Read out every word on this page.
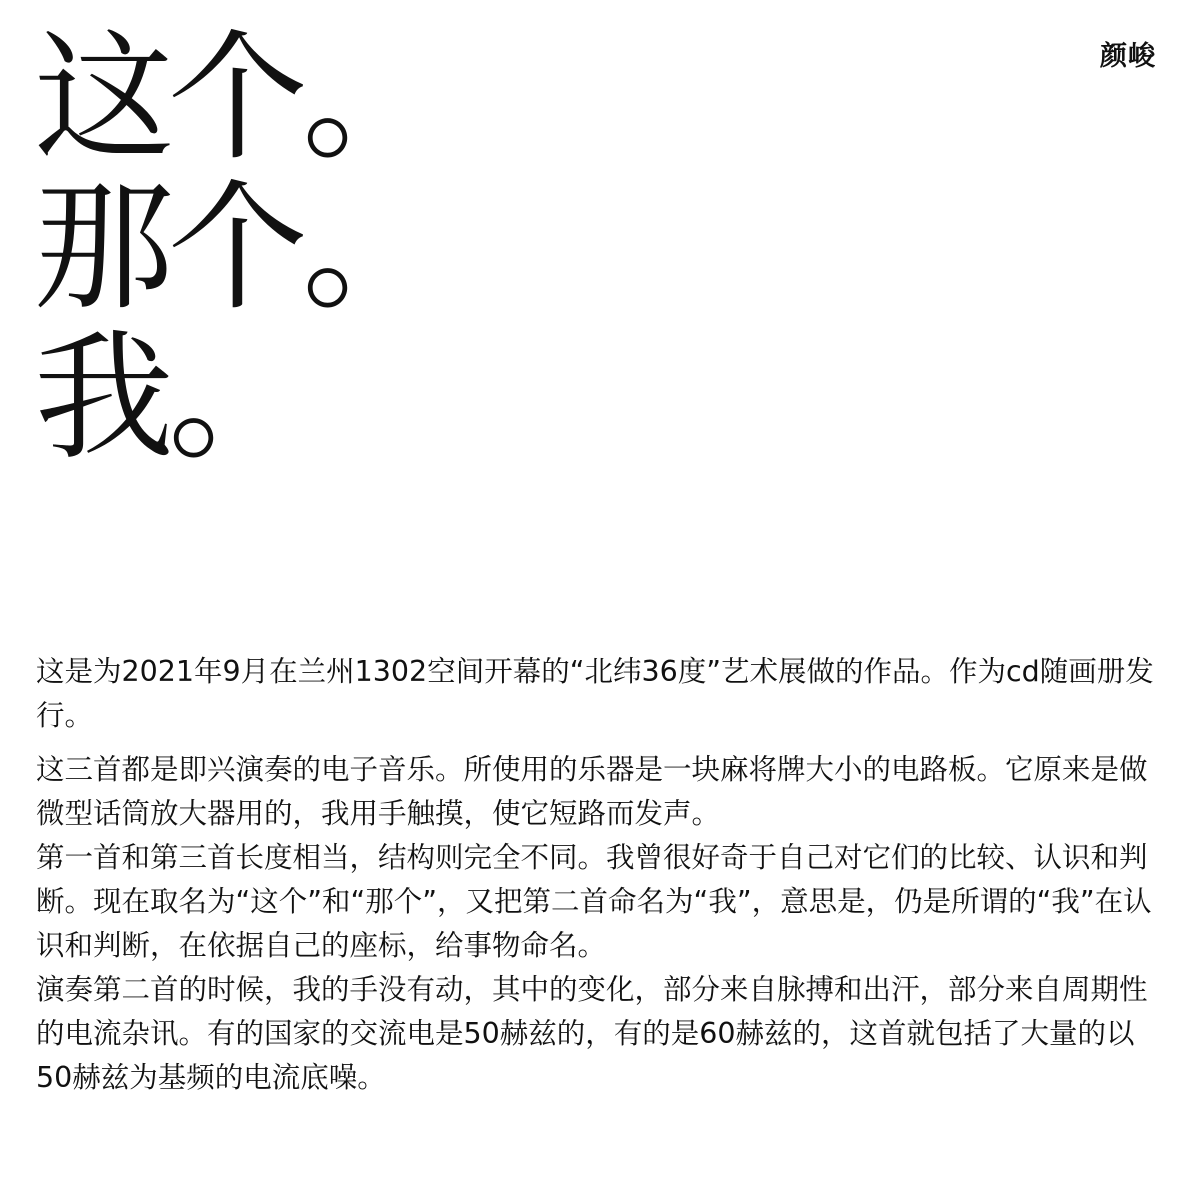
颜峻
这个。
那个。
我。

这是为2021年9月在兰州1302空间开幕的“北纬36度”艺术展做的作品。作为cd随画册发行。

这三首都是即兴演奏的电子音乐。所使用的乐器是一块麻将牌大小的电路板。它原来是做微型话筒放大器用的，我用手触摸，使它短路而发声。

第一首和第三首长度相当，结构则完全不同。我曾很好奇于自己对它们的比较、认识和判断。现在取名为“这个”和“那个”，又把第二首命名为“我”，意思是，仍是所谓的“我”在认识和判断，在依据自己的座标，给事物命名。

演奏第二首的时候，我的手没有动，其中的变化，部分来自脉搏和出汗，部分来自周期性的电流杂讯。有的国家的交流电是50赫兹的，有的是60赫兹的，这首就包括了大量的以50赫兹为基频的电流底噪。
